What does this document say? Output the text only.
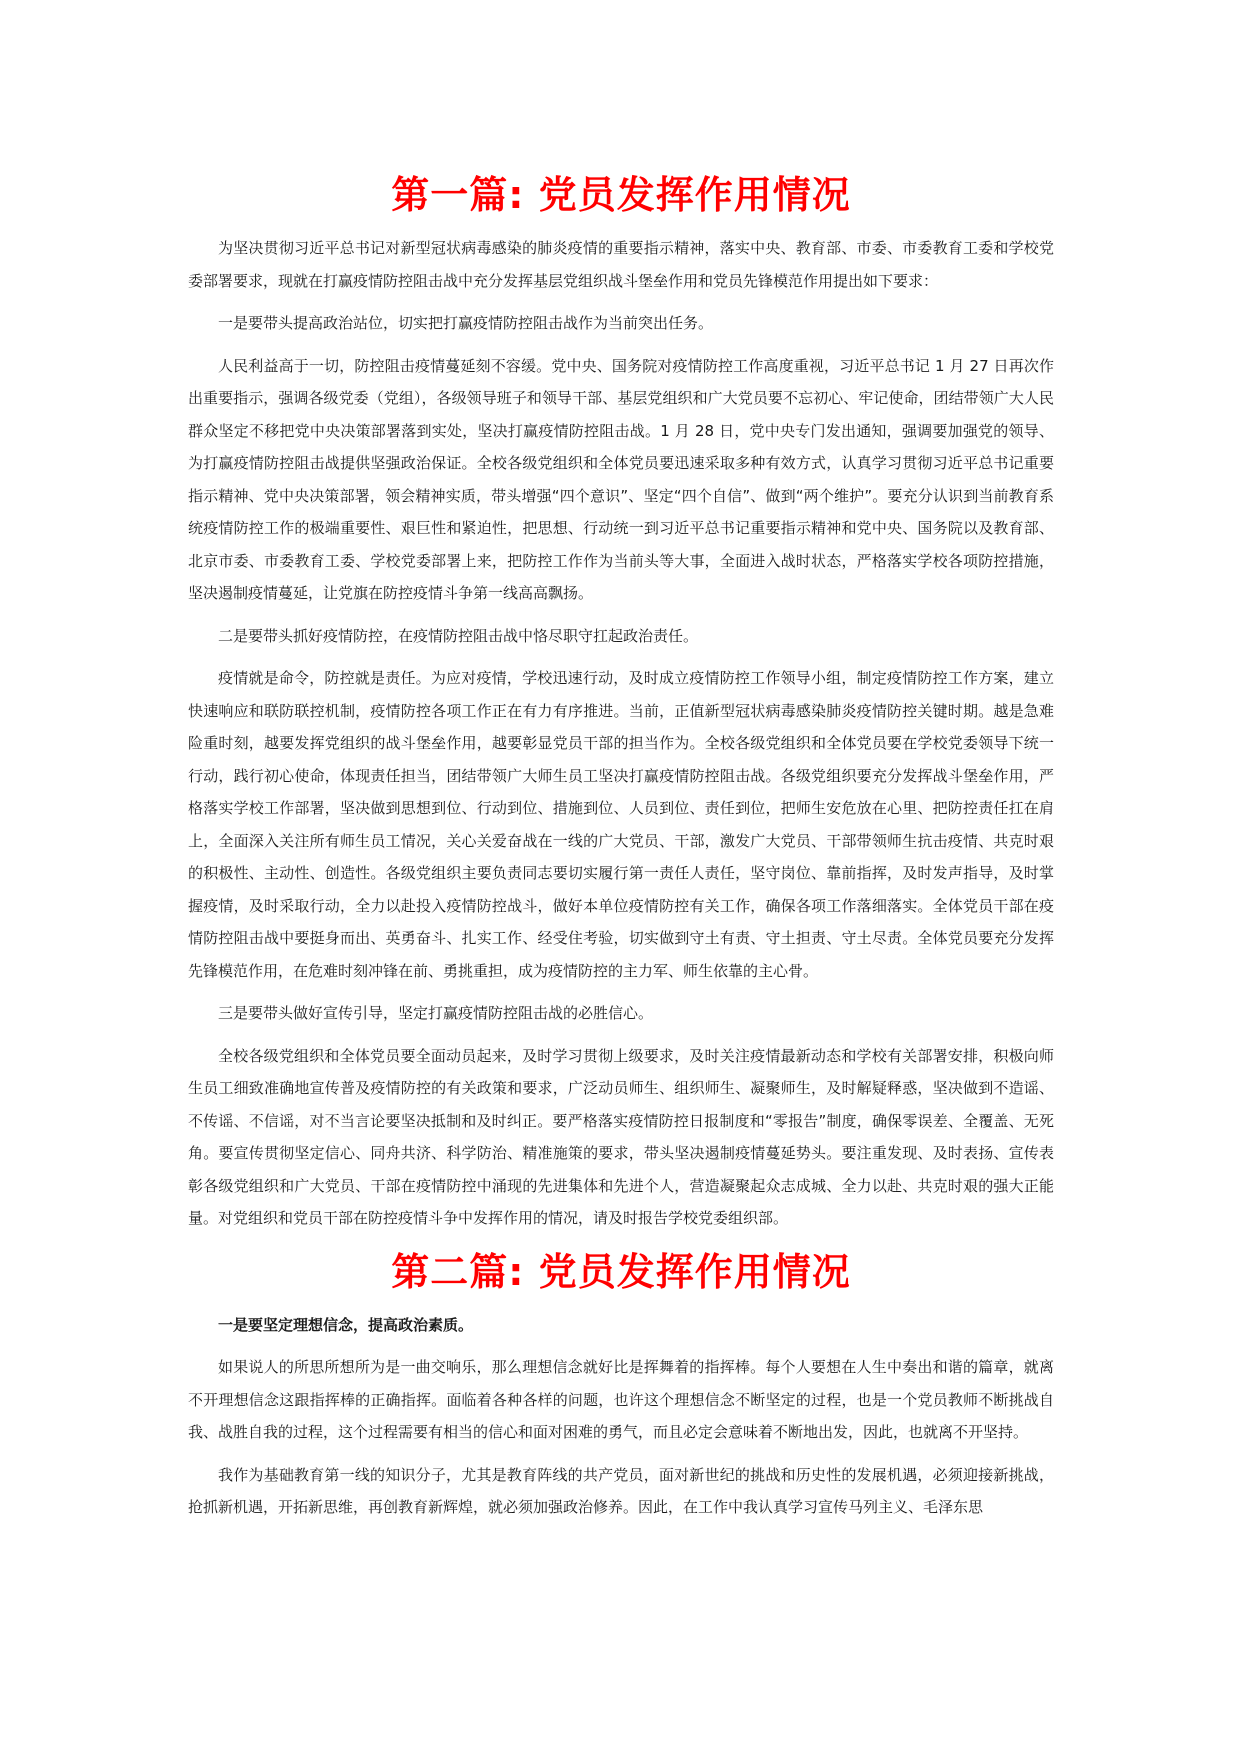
第一篇: 党员发挥作用情况

为坚决贯彻习近平总书记对新型冠状病毒感染的肺炎疫情的重要指示精神，落实中央、教育部、市委、市委教育工委和学校党委部署要求，现就在打赢疫情防控阻击战中充分发挥基层党组织战斗堡垒作用和党员先锋模范作用提出如下要求：

一是要带头提高政治站位，切实把打赢疫情防控阻击战作为当前突出任务。

人民利益高于一切，防控阻击疫情蔓延刻不容缓。党中央、国务院对疫情防控工作高度重视，习近平总书记 1 月 27 日再次作出重要指示，强调各级党委（党组），各级领导班子和领导干部、基层党组织和广大党员要不忘初心、牢记使命，团结带领广大人民群众坚定不移把党中央决策部署落到实处，坚决打赢疫情防控阻击战。1 月 28 日，党中央专门发出通知，强调要加强党的领导、为打赢疫情防控阻击战提供坚强政治保证。全校各级党组织和全体党员要迅速采取多种有效方式，认真学习贯彻习近平总书记重要指示精神、党中央决策部署，领会精神实质，带头增强“四个意识”、坚定“四个自信”、做到“两个维护”。要充分认识到当前教育系统疫情防控工作的极端重要性、艰巨性和紧迫性，把思想、行动统一到习近平总书记重要指示精神和党中央、国务院以及教育部、北京市委、市委教育工委、学校党委部署上来，把防控工作作为当前头等大事，全面进入战时状态，严格落实学校各项防控措施，坚决遏制疫情蔓延，让党旗在防控疫情斗争第一线高高飘扬。

二是要带头抓好疫情防控，在疫情防控阻击战中恪尽职守扛起政治责任。

疫情就是命令，防控就是责任。为应对疫情，学校迅速行动，及时成立疫情防控工作领导小组，制定疫情防控工作方案，建立快速响应和联防联控机制，疫情防控各项工作正在有力有序推进。当前，正值新型冠状病毒感染肺炎疫情防控关键时期。越是急难险重时刻，越要发挥党组织的战斗堡垒作用，越要彰显党员干部的担当作为。全校各级党组织和全体党员要在学校党委领导下统一行动，践行初心使命，体现责任担当，团结带领广大师生员工坚决打赢疫情防控阻击战。各级党组织要充分发挥战斗堡垒作用，严格落实学校工作部署，坚决做到思想到位、行动到位、措施到位、人员到位、责任到位，把师生安危放在心里、把防控责任扛在肩上，全面深入关注所有师生员工情况，关心关爱奋战在一线的广大党员、干部，激发广大党员、干部带领师生抗击疫情、共克时艰的积极性、主动性、创造性。各级党组织主要负责同志要切实履行第一责任人责任，坚守岗位、靠前指挥，及时发声指导，及时掌握疫情，及时采取行动，全力以赴投入疫情防控战斗，做好本单位疫情防控有关工作，确保各项工作落细落实。全体党员干部在疫情防控阻击战中要挺身而出、英勇奋斗、扎实工作、经受住考验，切实做到守土有责、守土担责、守土尽责。全体党员要充分发挥先锋模范作用，在危难时刻冲锋在前、勇挑重担，成为疫情防控的主力军、师生依靠的主心骨。

三是要带头做好宣传引导，坚定打赢疫情防控阻击战的必胜信心。

全校各级党组织和全体党员要全面动员起来，及时学习贯彻上级要求，及时关注疫情最新动态和学校有关部署安排，积极向师生员工细致准确地宣传普及疫情防控的有关政策和要求，广泛动员师生、组织师生、凝聚师生，及时解疑释惑，坚决做到不造谣、不传谣、不信谣，对不当言论要坚决抵制和及时纠正。要严格落实疫情防控日报制度和“零报告”制度，确保零误差、全覆盖、无死角。要宣传贯彻坚定信心、同舟共济、科学防治、精准施策的要求，带头坚决遏制疫情蔓延势头。要注重发现、及时表扬、宣传表彰各级党组织和广大党员、干部在疫情防控中涌现的先进集体和先进个人，营造凝聚起众志成城、全力以赴、共克时艰的强大正能量。对党组织和党员干部在防控疫情斗争中发挥作用的情况，请及时报告学校党委组织部。

第二篇: 党员发挥作用情况

一是要坚定理想信念，提高政治素质。

如果说人的所思所想所为是一曲交响乐，那么理想信念就好比是挥舞着的指挥棒。每个人要想在人生中奏出和谐的篇章，就离不开理想信念这跟指挥棒的正确指挥。面临着各种各样的问题，也许这个理想信念不断坚定的过程，也是一个党员教师不断挑战自我、战胜自我的过程，这个过程需要有相当的信心和面对困难的勇气，而且必定会意味着不断地出发，因此，也就离不开坚持。

我作为基础教育第一线的知识分子，尤其是教育阵线的共产党员，面对新世纪的挑战和历史性的发展机遇，必须迎接新挑战，抢抓新机遇，开拓新思维，再创教育新辉煌，就必须加强政治修养。因此，在工作中我认真学习宣传马列主义、毛泽东思
